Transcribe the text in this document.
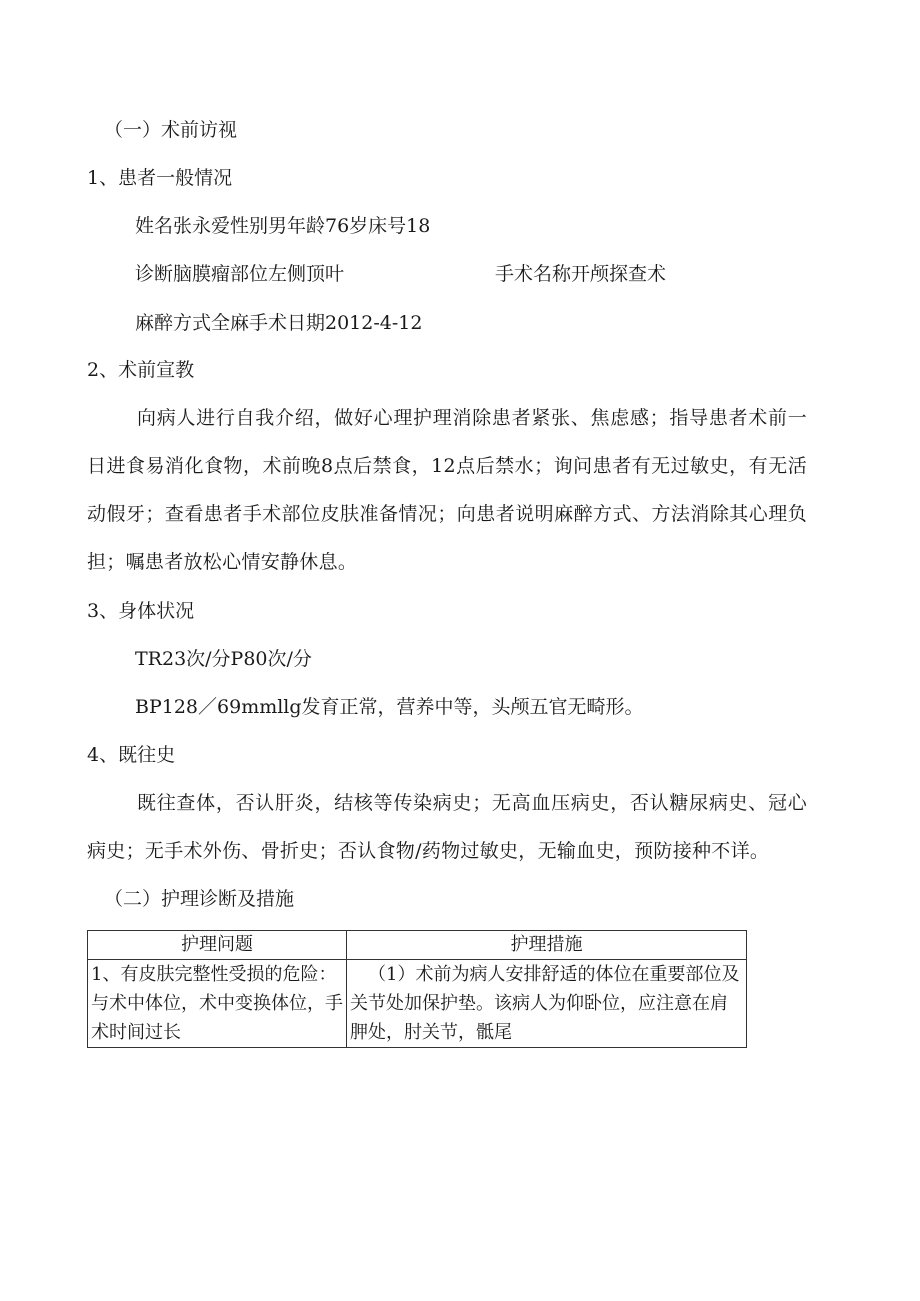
（一）术前访视
1、患者一般情况
姓名张永爱性别男年龄76岁床号18
诊断脑膜瘤部位左侧顶叶	手术名称开颅探查术
麻醉方式全麻手术日期2012-4-12
2、术前宣教
向病人进行自我介绍，做好心理护理消除患者紧张、焦虑感；指导患者术前一日进食易消化食物，术前晚8点后禁食，12点后禁水；询问患者有无过敏史，有无活动假牙；查看患者手术部位皮肤准备情况；向患者说明麻醉方式、方法消除其心理负担；嘱患者放松心情安静休息。
3、身体状况
TR23次/分P80次/分
BP128／69mmllg发育正常，营养中等，头颅五官无畸形。
4、既往史
既往查体，否认肝炎，结核等传染病史；无高血压病史，否认糖尿病史、冠心病史；无手术外伤、骨折史；否认食物/药物过敏史，无输血史，预防接种不详。
（二）护理诊断及措施
护理问题	护理措施
1、有皮肤完整性受损的危险：与术中体位，术中变换体位，手术时间过长	（1）术前为病人安排舒适的体位在重要部位及关节处加保护垫。该病人为仰卧位，应注意在肩胛处，肘关节，骶尾
